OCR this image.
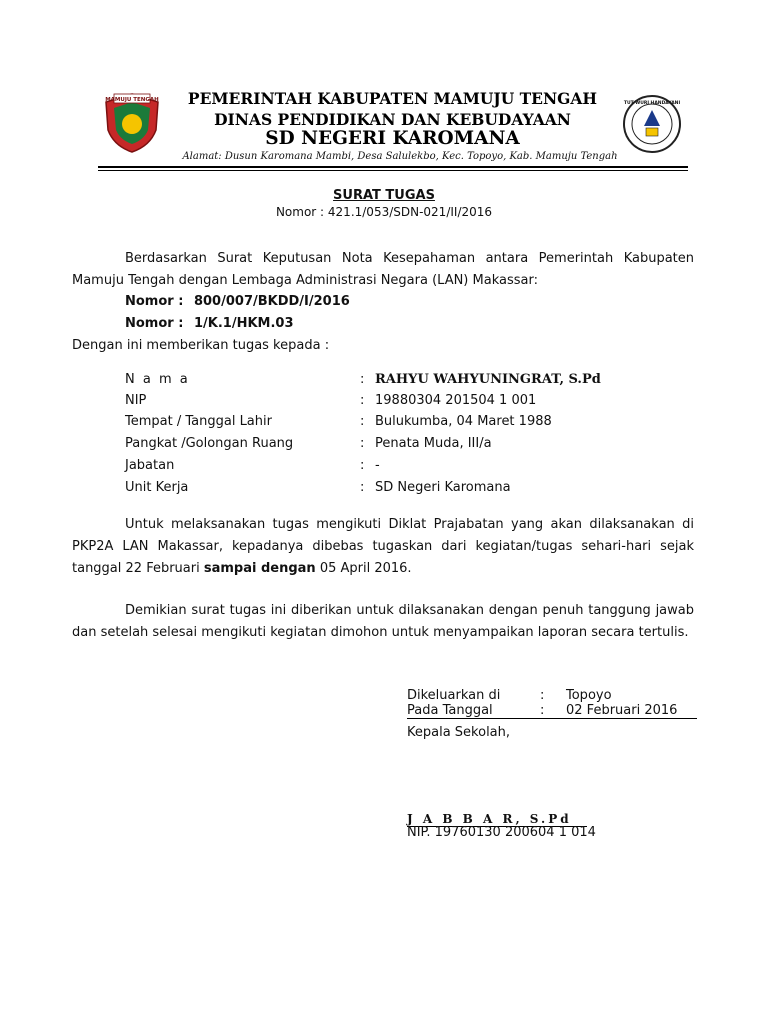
MAMUJU TENGAH
TUT WURI HANDAYANI
PEMERINTAH KABUPATEN MAMUJU TENGAH
DINAS PENDIDIKAN DAN KEBUDAYAAN
SD NEGERI KAROMANA
Alamat: Dusun Karomana Mambi, Desa Salulekbo, Kec. Topoyo, Kab. Mamuju Tengah
SURAT TUGAS
Nomor : 421.1/053/SDN-021/II/2016
Berdasarkan Surat Keputusan Nota Kesepahaman antara Pemerintah Kabupaten Mamuju Tengah dengan Lembaga Administrasi Negara (LAN) Makassar:
Nomor : 800/007/BKDD/I/2016
Nomor : 1/K.1/HKM.03
Dengan ini memberikan tugas kepada :
N a m a	: RAHYU WAHYUNINGRAT, S.Pd
NIP	: 19880304 201504 1 001
Tempat / Tanggal Lahir	: Bulukumba, 04 Maret 1988
Pangkat /Golongan Ruang	: Penata Muda, III/a
Jabatan	: -
Unit Kerja	: SD Negeri Karomana
Untuk melaksanakan tugas mengikuti Diklat Prajabatan yang akan dilaksanakan di PKP2A LAN Makassar, kepadanya dibebas tugaskan dari kegiatan/tugas sehari-hari sejak tanggal 22 Februari sampai dengan 05 April 2016.
Demikian surat tugas ini diberikan untuk dilaksanakan dengan penuh tanggung jawab dan setelah selesai mengikuti kegiatan dimohon untuk menyampaikan laporan secara tertulis.
Dikeluarkan di	: Topoyo
Pada Tanggal	: 02 Februari 2016
Kepala Sekolah,
J A B B A R, S.Pd
NIP. 19760130 200604 1 014
